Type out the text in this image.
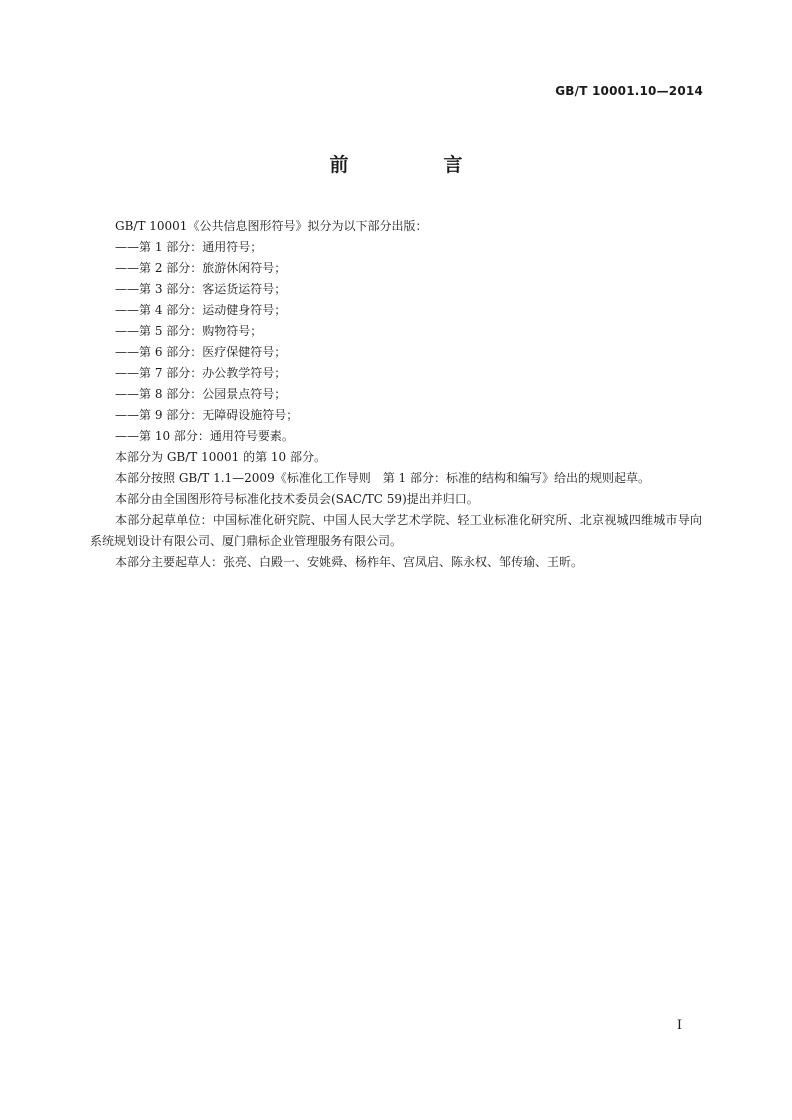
GB/T 10001.10—2014
前　言
GB/T 10001《公共信息图形符号》拟分为以下部分出版：
——第 1 部分：通用符号；
——第 2 部分：旅游休闲符号；
——第 3 部分：客运货运符号；
——第 4 部分：运动健身符号；
——第 5 部分：购物符号；
——第 6 部分：医疗保健符号；
——第 7 部分：办公教学符号；
——第 8 部分：公园景点符号；
——第 9 部分：无障碍设施符号；
——第 10 部分：通用符号要素。
本部分为 GB/T 10001 的第 10 部分。
本部分按照 GB/T 1.1—2009《标准化工作导则　第 1 部分：标准的结构和编写》给出的规则起草。
本部分由全国图形符号标准化技术委员会(SAC/TC 59)提出并归口。
本部分起草单位：中国标准化研究院、中国人民大学艺术学院、轻工业标准化研究所、北京视城四维城市导向系统规划设计有限公司、厦门鼎标企业管理服务有限公司。
本部分主要起草人：张亮、白殿一、安姚舜、杨柞年、宫凤启、陈永权、邹传瑜、王昕。
I
